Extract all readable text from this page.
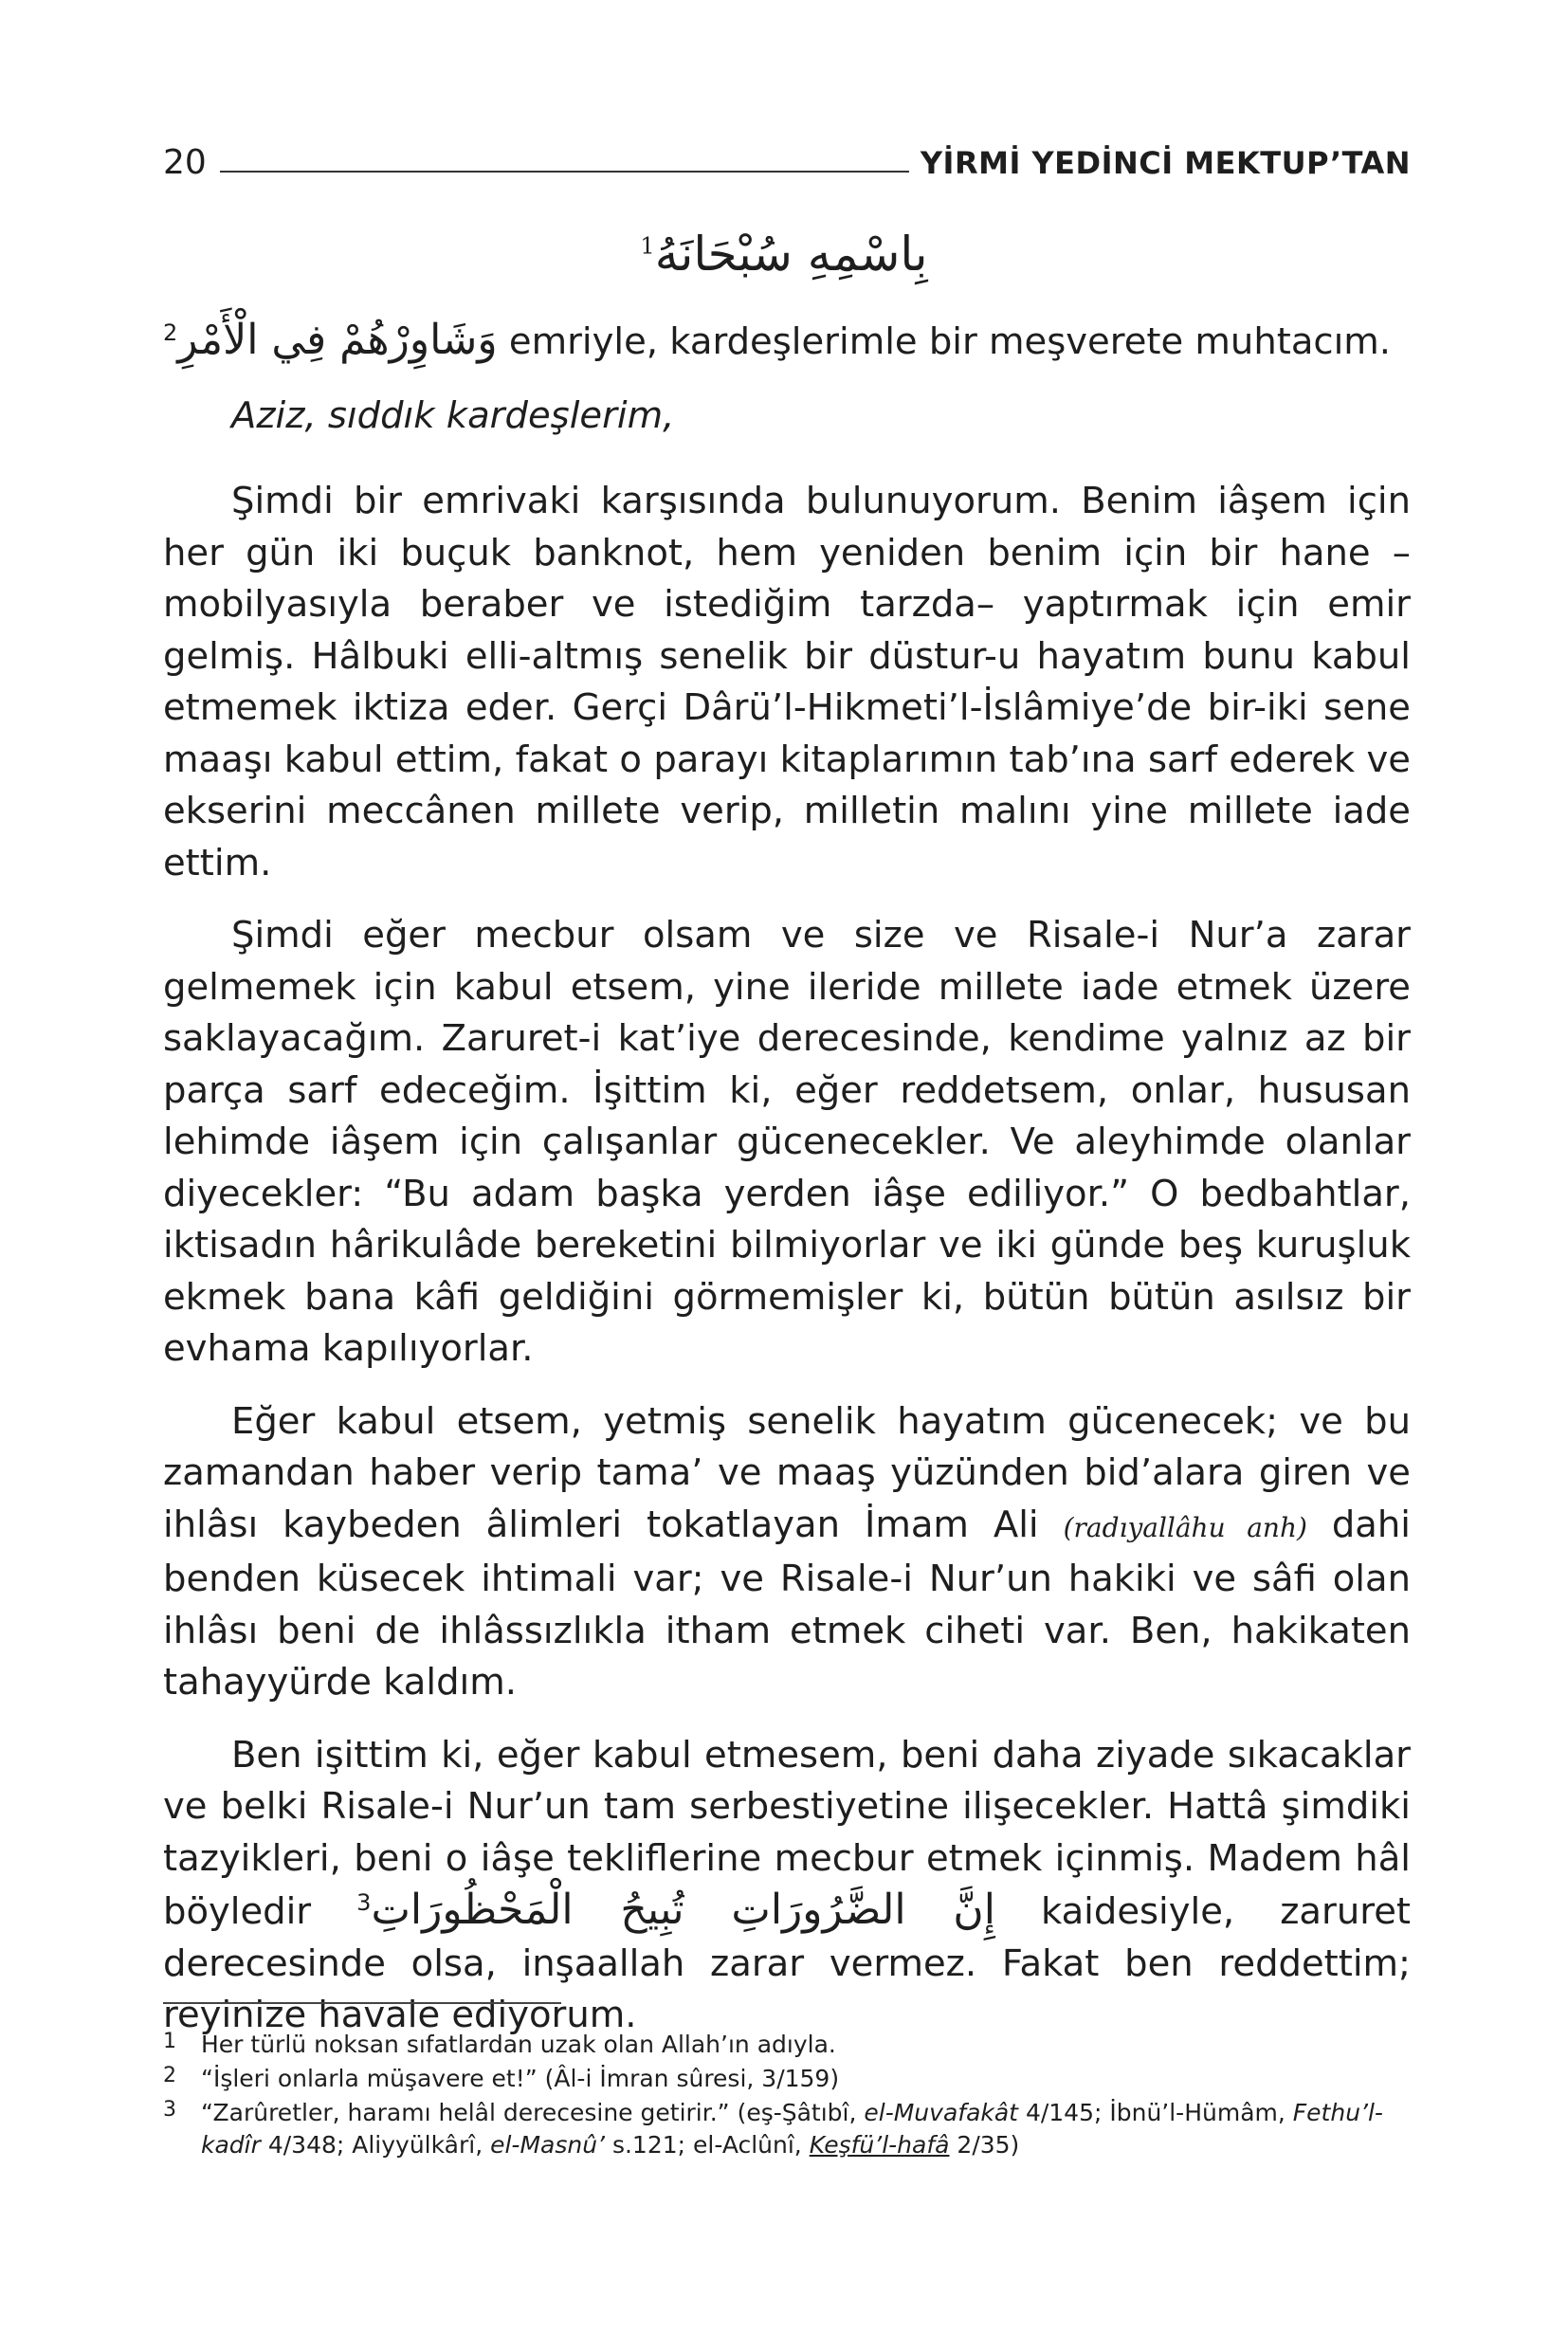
20	YİRMİ YEDİNCİ MEKTUP’TAN
بِاسْمِهِ سُبْحَانَهُ$^1$

$^2$وَشَاوِرْهُمْ فِي الْأَمْرِ emriyle, kardeşlerimle bir meşverete muhtacım.

Aziz, sıddık kardeşlerim,

Şimdi bir emrivaki karşısında bulunuyorum. Benim iâşem için her gün iki buçuk banknot, hem yeniden benim için bir hane –mobilyasıyla beraber ve istediğim tarzda– yaptırmak için emir gelmiş. Hâlbuki elli-altmış senelik bir düstur-u hayatım bunu kabul etmemek iktiza eder. Gerçi Dârü’l-Hikmeti’l-İslâmiye’de bir-iki sene maaşı kabul ettim, fakat o parayı kitaplarımın tab’ına sarf ederek ve ekserini meccânen millete verip, milletin malını yine millete iade ettim.

Şimdi eğer mecbur olsam ve size ve Risale-i Nur’a zarar gelmemek için kabul etsem, yine ileride millete iade etmek üzere saklayacağım. Zaruret-i kat’iye derecesinde, kendime yalnız az bir parça sarf edeceğim. İşittim ki, eğer reddetsem, onlar, hususan lehimde iâşem için çalışanlar gücenecekler. Ve aleyhimde olanlar diyecekler: “Bu adam başka yerden iâşe ediliyor.” O bedbahtlar, iktisadın hârikulâde bereketini bilmiyorlar ve iki günde beş kuruşluk ekmek bana kâfi geldiğini görmemişler ki, bütün bütün asılsız bir evhama kapılıyorlar.

Eğer kabul etsem, yetmiş senelik hayatım gücenecek; ve bu zamandan haber verip tama’ ve maaş yüzünden bid’alara giren ve ihlâsı kaybeden âlimleri tokatlayan İmam Ali (radıyallâhu anh) dahi benden küsecek ihtimali var; ve Risale-i Nur’un hakiki ve sâfi olan ihlâsı beni de ihlâssızlıkla itham etmek ciheti var. Ben, hakikaten tahayyürde kaldım.

Ben işittim ki, eğer kabul etmesem, beni daha ziyade sıkacaklar ve belki Risale-i Nur’un tam serbestiyetine ilişecekler. Hattâ şimdiki tazyikleri, beni o iâşe tekliflerine mecbur etmek içinmiş. Madem hâl böyledir $^3$إِنَّ الضَّرُورَاتِ تُبِيحُ الْمَحْظُورَاتِ kaidesiyle, zaruret derecesinde olsa, inşaallah zarar vermez. Fakat ben reddettim; reyinize havale ediyorum.

1	Her türlü noksan sıfatlardan uzak olan Allah’ın adıyla.
2	“İşleri onlarla müşavere et!” (Âl-i İmran sûresi, 3/159)
3	“Zarûretler, haramı helâl derecesine getirir.” (eş-Şâtıbî, el-Muvafakât 4/145; İbnü’l-Hümâm, Fethu’l-kadîr 4/348; Aliyyülkârî, el-Masnû’ s.121; el-Aclûnî, Keşfü’l-hafâ 2/35)
